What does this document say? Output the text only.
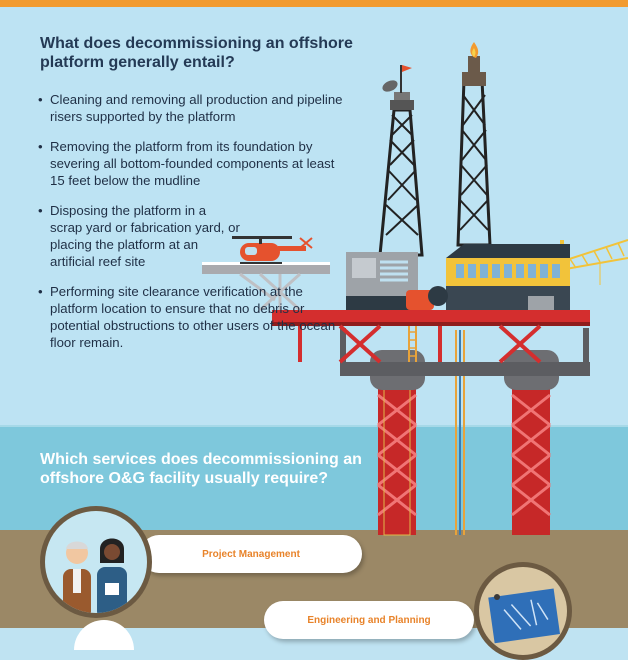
What does decommissioning an offshore platform generally entail?
• Cleaning and removing all production and pipeline risers supported by the platform
• Removing the platform from its foundation by severing all bottom-founded components at least 15 feet below the mudline
• Disposing the platform in a scrap yard or fabrication yard, or placing the platform at an artificial reef site
• Performing site clearance verification at the platform location to ensure that no debris or potential obstructions to other users of the ocean floor remain.
Which services does decommissioning an offshore O&G facility usually require?
Project Management
Engineering and Planning
